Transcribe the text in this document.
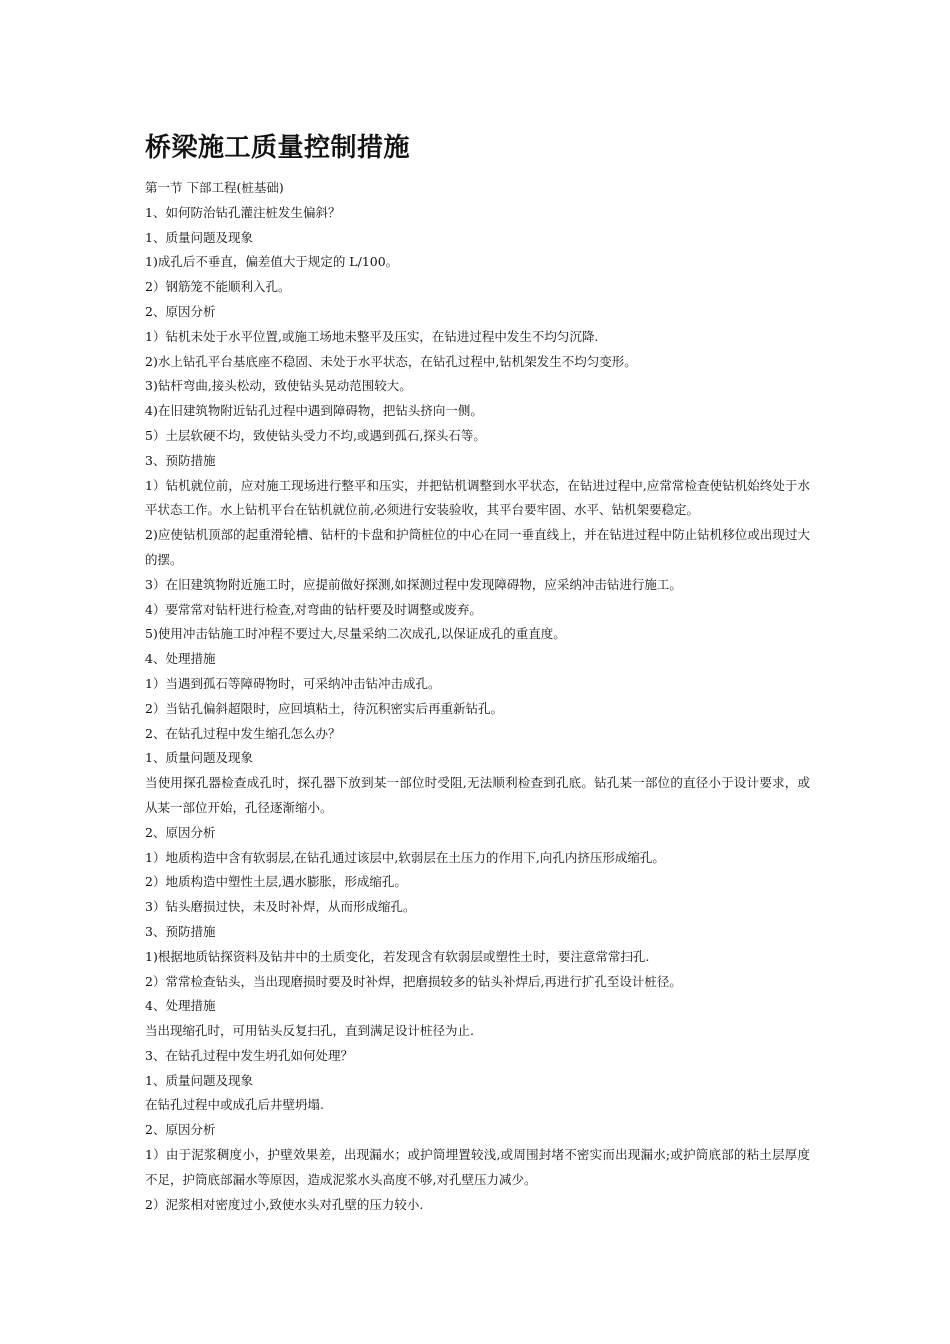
桥梁施工质量控制措施

第一节 下部工程(桩基础)

1、如何防治钻孔灌注桩发生偏斜？

1、质量问题及现象

1)成孔后不垂直，偏差值大于规定的 L/100。

2）钢筋笼不能顺利入孔。

2、原因分析

1）钻机未处于水平位置,或施工场地未整平及压实，在钻进过程中发生不均匀沉降.

2)水上钻孔平台基底座不稳固、未处于水平状态，在钻孔过程中,钻机架发生不均匀变形。

3)钻杆弯曲,接头松动，致使钻头晃动范围较大。

4)在旧建筑物附近钻孔过程中遇到障碍物，把钻头挤向一侧。

5）土层软硬不均，致使钻头受力不均,或遇到孤石,探头石等。

3、预防措施

1）钻机就位前，应对施工现场进行整平和压实，并把钻机调整到水平状态，在钻进过程中,应常常检查使钻机始终处于水平状态工作。水上钻机平台在钻机就位前,必须进行安装验收，其平台要牢固、水平、钻机架要稳定。

2)应使钻机顶部的起重滑轮槽、钻杆的卡盘和护筒桩位的中心在同一垂直线上，并在钻进过程中防止钻机移位或出现过大的摆。

3）在旧建筑物附近施工时，应提前做好探测,如探测过程中发现障碍物，应采纳冲击钻进行施工。

4）要常常对钻杆进行检查,对弯曲的钻杆要及时调整或废弃。

5)使用冲击钻施工时冲程不要过大,尽量采纳二次成孔,以保证成孔的重直度。

4、处理措施

1）当遇到孤石等障碍物时，可采纳冲击钻冲击成孔。

2）当钻孔偏斜超限时，应回填粘土，待沉积密实后再重新钻孔。

2、在钻孔过程中发生缩孔怎么办？

1、质量问题及现象

当使用探孔器检查成孔时，探孔器下放到某一部位时受阻,无法顺利检查到孔底。钻孔某一部位的直径小于设计要求，或从某一部位开始，孔径逐渐缩小。

2、原因分析

1）地质构造中含有软弱层,在钻孔通过该层中,软弱层在土压力的作用下,向孔内挤压形成缩孔。

2）地质构造中塑性土层,遇水膨胀，形成缩孔。

3）钻头磨损过快，未及时补焊，从而形成缩孔。

3、预防措施

1)根据地质钻探资料及钻井中的土质变化，若发现含有软弱层或塑性土时，要注意常常扫孔.

2）常常检查钻头，当出现磨损时要及时补焊，把磨损较多的钻头补焊后,再进行扩孔至设计桩径。

4、处理措施

当出现缩孔时，可用钻头反复扫孔，直到满足设计桩径为止.

3、在钻孔过程中发生坍孔如何处理？

1、质量问题及现象

在钻孔过程中或成孔后井壁坍塌.

2、原因分析

1）由于泥浆稠度小，护壁效果差，出现漏水；或护筒埋置较浅,或周围封堵不密实而出现漏水;或护筒底部的粘土层厚度不足，护筒底部漏水等原因，造成泥浆水头高度不够,对孔壁压力减少。

2）泥浆相对密度过小,致使水头对孔壁的压力较小.
